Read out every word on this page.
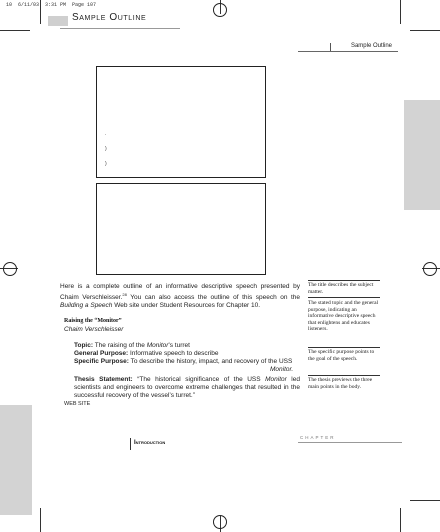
10  6/11/03  3:31 PM  Page 107
Sample Outline
Sample Outline
.
)
)
Here is a complete outline of an informative descriptive speech presented by Chaim Verschleisser.$^{28}$ You can also access the outline of this speech on the Building a Speech Web site under Student Resources for Chapter 10.
Raising the “Monitor”
Chaim Verschleisser
Topic: The raising of the Monitor’s turret
General Purpose: Informative speech to describe
Specific Purpose: To describe the history, impact, and recovery of the USS
Monitor.
Thesis Statement: “The historical significance of the USS Monitor led scientists and engineers to overcome extreme challenges that resulted in the successful recovery of the vessel’s turret.”
WEB SITE
The title describes the subject matter.
The stated topic and the general purpose, indicating an informative descriptive speech that enlightens and educates listeners.
The specific purpose points to the goal of the speech.
The thesis previews the three main points in the body.
CHAPTER
Introduction
